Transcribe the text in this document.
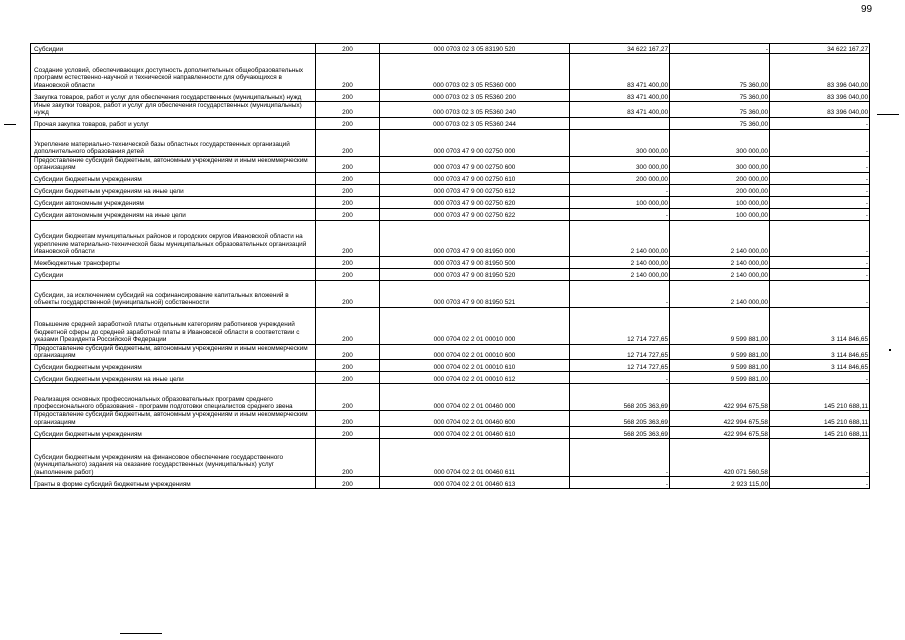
99
Субсидии	200	000 0703 02 3 05 83190 520	34 622 167,27	-	34 622 167,27
Создание условий, обеспечивающих доступность дополнительных общеобразовательных программ естественно-научной и технической направленности для обучающихся в Ивановской области	200	000 0703 02 3 05 R5360 000	83 471 400,00	75 360,00	83 396 040,00
Закупка товаров, работ и услуг для обеспечения государственных (муниципальных) нужд	200	000 0703 02 3 05 R5360 200	83 471 400,00	75 360,00	83 396 040,00
Иные закупки товаров, работ и услуг для обеспечения государственных (муниципальных) нужд	200	000 0703 02 3 05 R5360 240	83 471 400,00	75 360,00	83 396 040,00
Прочая закупка товаров, работ и услуг	200	000 0703 02 3 05 R5360 244		75 360,00	-
Укрепление материально-технической базы областных государственных организаций дополнительного образования детей	200	000 0703 47 9 00 02750 000	300 000,00	300 000,00	-
Предоставление субсидий бюджетным, автономным учреждениям и иным некоммерческим организациям	200	000 0703 47 9 00 02750 600	300 000,00	300 000,00	-
Субсидии бюджетным учреждениям	200	000 0703 47 9 00 02750 610	200 000,00	200 000,00	-
Субсидии бюджетным учреждениям на иные цели	200	000 0703 47 9 00 02750 612	-	200 000,00	-
Субсидии автономным учреждениям	200	000 0703 47 9 00 02750 620	100 000,00	100 000,00	-
Субсидии автономным учреждениям на иные цели	200	000 0703 47 9 00 02750 622	-	100 000,00	-
Субсидии бюджетам муниципальных районов и городских округов Ивановской области на укрепление материально-технической базы муниципальных образовательных организаций Ивановской области	200	000 0703 47 9 00 81950 000	2 140 000,00	2 140 000,00	-
Межбюджетные трансферты	200	000 0703 47 9 00 81950 500	2 140 000,00	2 140 000,00	-
Субсидии	200	000 0703 47 9 00 81950 520	2 140 000,00	2 140 000,00	-
Субсидии, за исключением субсидий на софинансирование капитальных вложений в объекты государственной (муниципальной) собственности	200	000 0703 47 9 00 81950 521	-	2 140 000,00	-
Повышение средней заработной платы отдельным категориям работников учреждений бюджетной сферы до средней заработной платы в Ивановской области в соответствии с указами Президента Российской Федерации	200	000 0704 02 2 01 00010 000	12 714 727,65	9 599 881,00	3 114 846,65
Предоставление субсидий бюджетным, автономным учреждениям и иным некоммерческим организациям	200	000 0704 02 2 01 00010 600	12 714 727,65	9 599 881,00	3 114 846,65
Субсидии бюджетным учреждениям	200	000 0704 02 2 01 00010 610	12 714 727,65	9 599 881,00	3 114 846,65
Субсидии бюджетным учреждениям на иные цели	200	000 0704 02 2 01 00010 612	-	9 599 881,00	-
Реализация основных профессиональных образовательных программ среднего профессионального образования - программ подготовки специалистов среднего звена	200	000 0704 02 2 01 00460 000	568 205 363,69	422 994 675,58	145 210 688,11
Предоставление субсидий бюджетным, автономным учреждениям и иным некоммерческим организациям	200	000 0704 02 2 01 00460 600	568 205 363,69	422 994 675,58	145 210 688,11
Субсидии бюджетным учреждениям	200	000 0704 02 2 01 00460 610	568 205 363,69	422 994 675,58	145 210 688,11
Субсидии бюджетным учреждениям на финансовое обеспечение государственного (муниципального) задания на оказание государственных (муниципальных) услуг (выполнение работ)	200	000 0704 02 2 01 00460 611	-	420 071 560,58	-
Гранты в форме субсидий бюджетным учреждениям	200	000 0704 02 2 01 00460 613	-	2 923 115,00	-
